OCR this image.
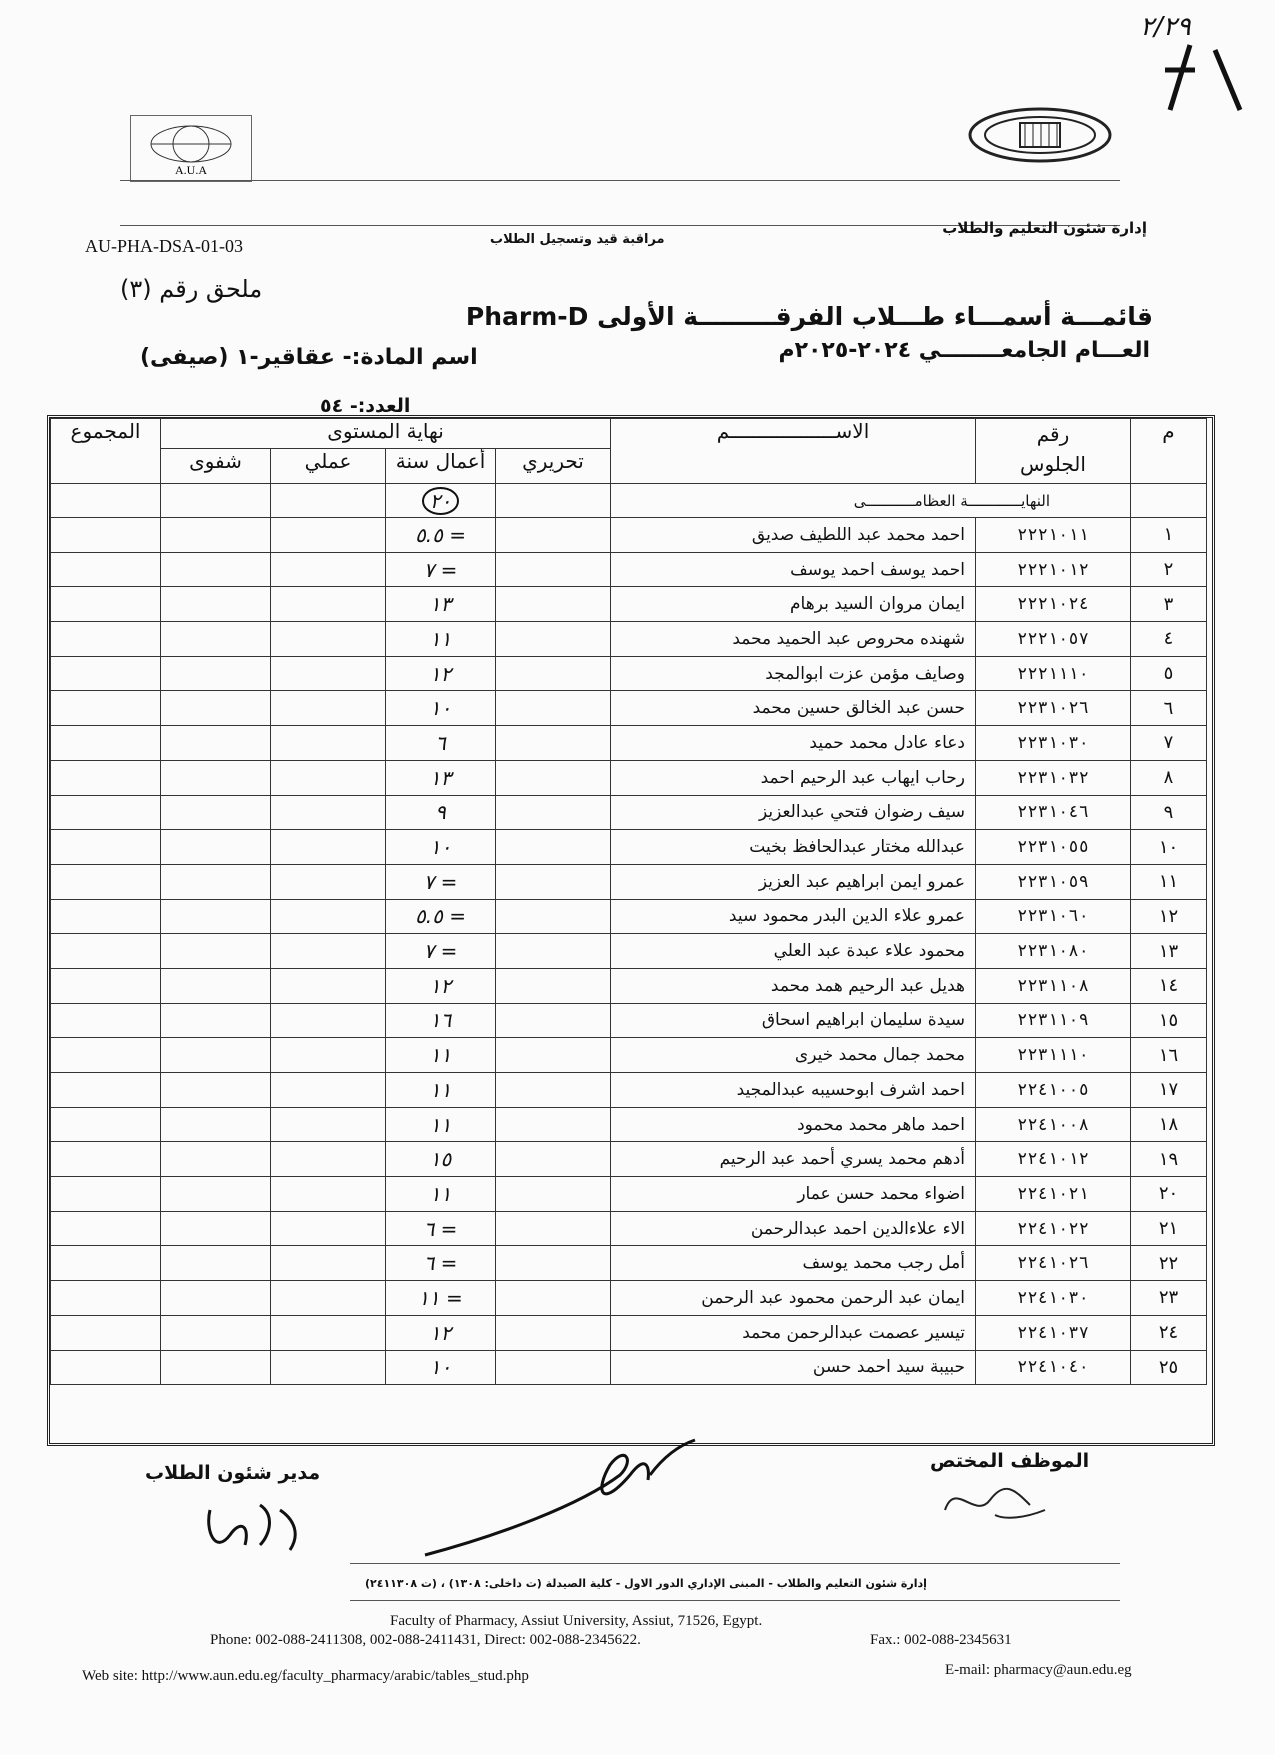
٢/٢٩
A.U.A
AU-PHA-DSA-01-03
إدارة شئون التعليم والطلاب
مراقبة قيد وتسجيل الطلاب
ملحق رقم (٣)
قائمـــة أسمـــاء طـــلاب الفرقـــــــــة الأولى Pharm-D
العـــام الجامعــــــــي ٢٠٢٤-٢٠٢٥م
اسم المادة:- عقاقير-١ (صيفى)
العدد:- ٥٤
المجموع	نهاية المستوى				الاســــــــــــــــــم	رقم
الجلوس	م
	شفوى	عملي	أعمال سنة	تحريري			
			٢٠		النهايــــــــــــة العظامـــــــــــى		
			٥.٥ =		احمد محمد عبد اللطيف صديق	٢٢٢١٠١١	١
			٧ =		احمد يوسف احمد يوسف	٢٢٢١٠١٢	٢
			١٣		ايمان مروان السيد برهام	٢٢٢١٠٢٤	٣
			١١		شهنده محروص عبد الحميد محمد	٢٢٢١٠٥٧	٤
			١٢		وصايف مؤمن عزت ابوالمجد	٢٢٢١١١٠	٥
			١٠		حسن عبد الخالق حسين محمد	٢٢٣١٠٢٦	٦
			٦		دعاء عادل محمد حميد	٢٢٣١٠٣٠	٧
			١٣		رحاب ايهاب عبد الرحيم احمد	٢٢٣١٠٣٢	٨
			٩		سيف رضوان فتحي عبدالعزيز	٢٢٣١٠٤٦	٩
			١٠		عبدالله مختار عبدالحافظ بخيت	٢٢٣١٠٥٥	١٠
			٧ =		عمرو ايمن ابراهيم عبد العزيز	٢٢٣١٠٥٩	١١
			٥.٥ =		عمرو علاء الدين البدر محمود سيد	٢٢٣١٠٦٠	١٢
			٧ =		محمود علاء عبدة عبد العلي	٢٢٣١٠٨٠	١٣
			١٢		هديل عبد الرحيم همد محمد	٢٢٣١١٠٨	١٤
			١٦		سيدة سليمان ابراهيم اسحاق	٢٢٣١١٠٩	١٥
			١١		محمد جمال محمد خيرى	٢٢٣١١١٠	١٦
			١١		احمد اشرف ابوحسيبه عبدالمجيد	٢٢٤١٠٠٥	١٧
			١١		احمد ماهر محمد محمود	٢٢٤١٠٠٨	١٨
			١٥		أدهم محمد يسري أحمد عبد الرحيم	٢٢٤١٠١٢	١٩
			١١		اضواء محمد حسن عمار	٢٢٤١٠٢١	٢٠
			٦ =		الاء علاءالدين احمد عبدالرحمن	٢٢٤١٠٢٢	٢١
			٦ =		أمل رجب محمد يوسف	٢٢٤١٠٢٦	٢٢
			١١ =		ايمان عبد الرحمن محمود عبد الرحمن	٢٢٤١٠٣٠	٢٣
			١٢		تيسير عصمت عبدالرحمن محمد	٢٢٤١٠٣٧	٢٤
			١٠		حبيبة سيد احمد حسن	٢٢٤١٠٤٠	٢٥
الموظف المختص
مدير شئون الطلاب
إدارة شئون التعليم والطلاب - المبنى الإداري الدور الاول - كلية الصيدلة (ت داخلى: ١٣٠٨) ، (ت ٢٤١١٣٠٨)
Faculty of Pharmacy, Assiut University, Assiut, 71526, Egypt.
Phone: 002-088-2411308, 002-088-2411431, Direct: 002-088-2345622.	Fax.: 002-088-2345631
Web site: http://www.aun.edu.eg/faculty_pharmacy/arabic/tables_stud.php	E-mail: pharmacy@aun.edu.eg
